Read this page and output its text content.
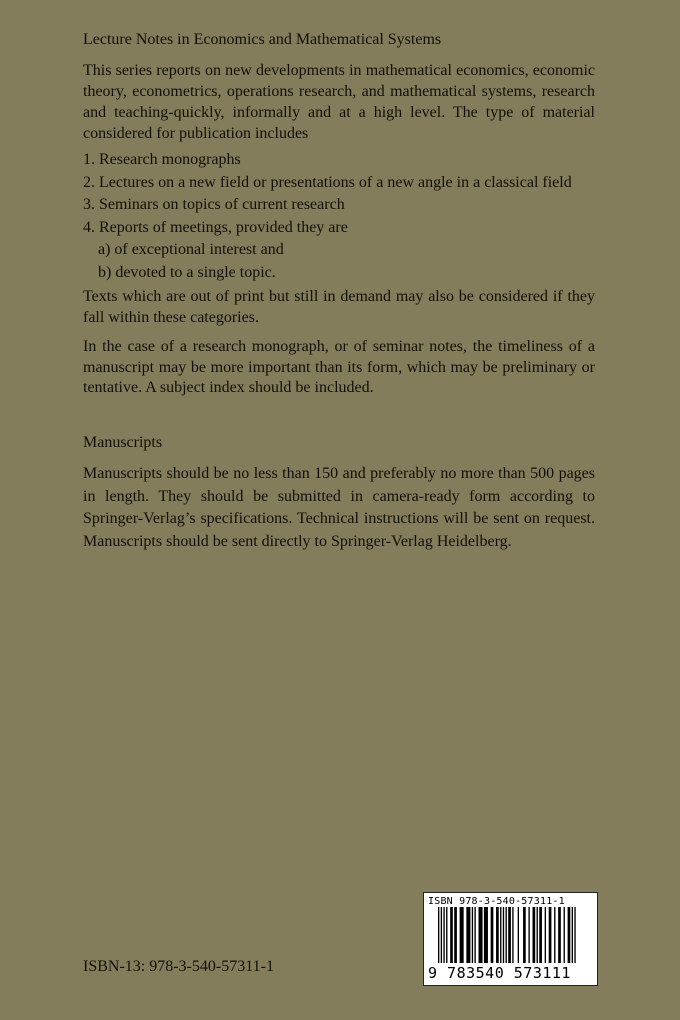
Lecture Notes in Economics and Mathematical Systems
This series reports on new developments in mathematical economics, economic theory, econometrics, operations research, and mathematical systems, research and teaching-quickly, informally and at a high level. The type of material considered for publication includes
1. Research monographs
2. Lectures on a new field or presentations of a new angle in a classical field
3. Seminars on topics of current research
4. Reports of meetings, provided they are
a) of exceptional interest and
b) devoted to a single topic.
Texts which are out of print but still in demand may also be considered if they fall within these categories.
In the case of a research monograph, or of seminar notes, the timeliness of a manuscript may be more important than its form, which may be preliminary or tentative. A subject index should be included.
Manuscripts
Manuscripts should be no less than 150 and preferably no more than 500 pages in length. They should be submitted in camera-ready form according to Springer-Verlag’s specifications. Technical instructions will be sent on request. Manuscripts should be sent directly to Springer-Verlag Heidelberg.
ISBN-13: 978-3-540-57311-1
ISBN 978-3-540-57311-1
9 783540 573111
